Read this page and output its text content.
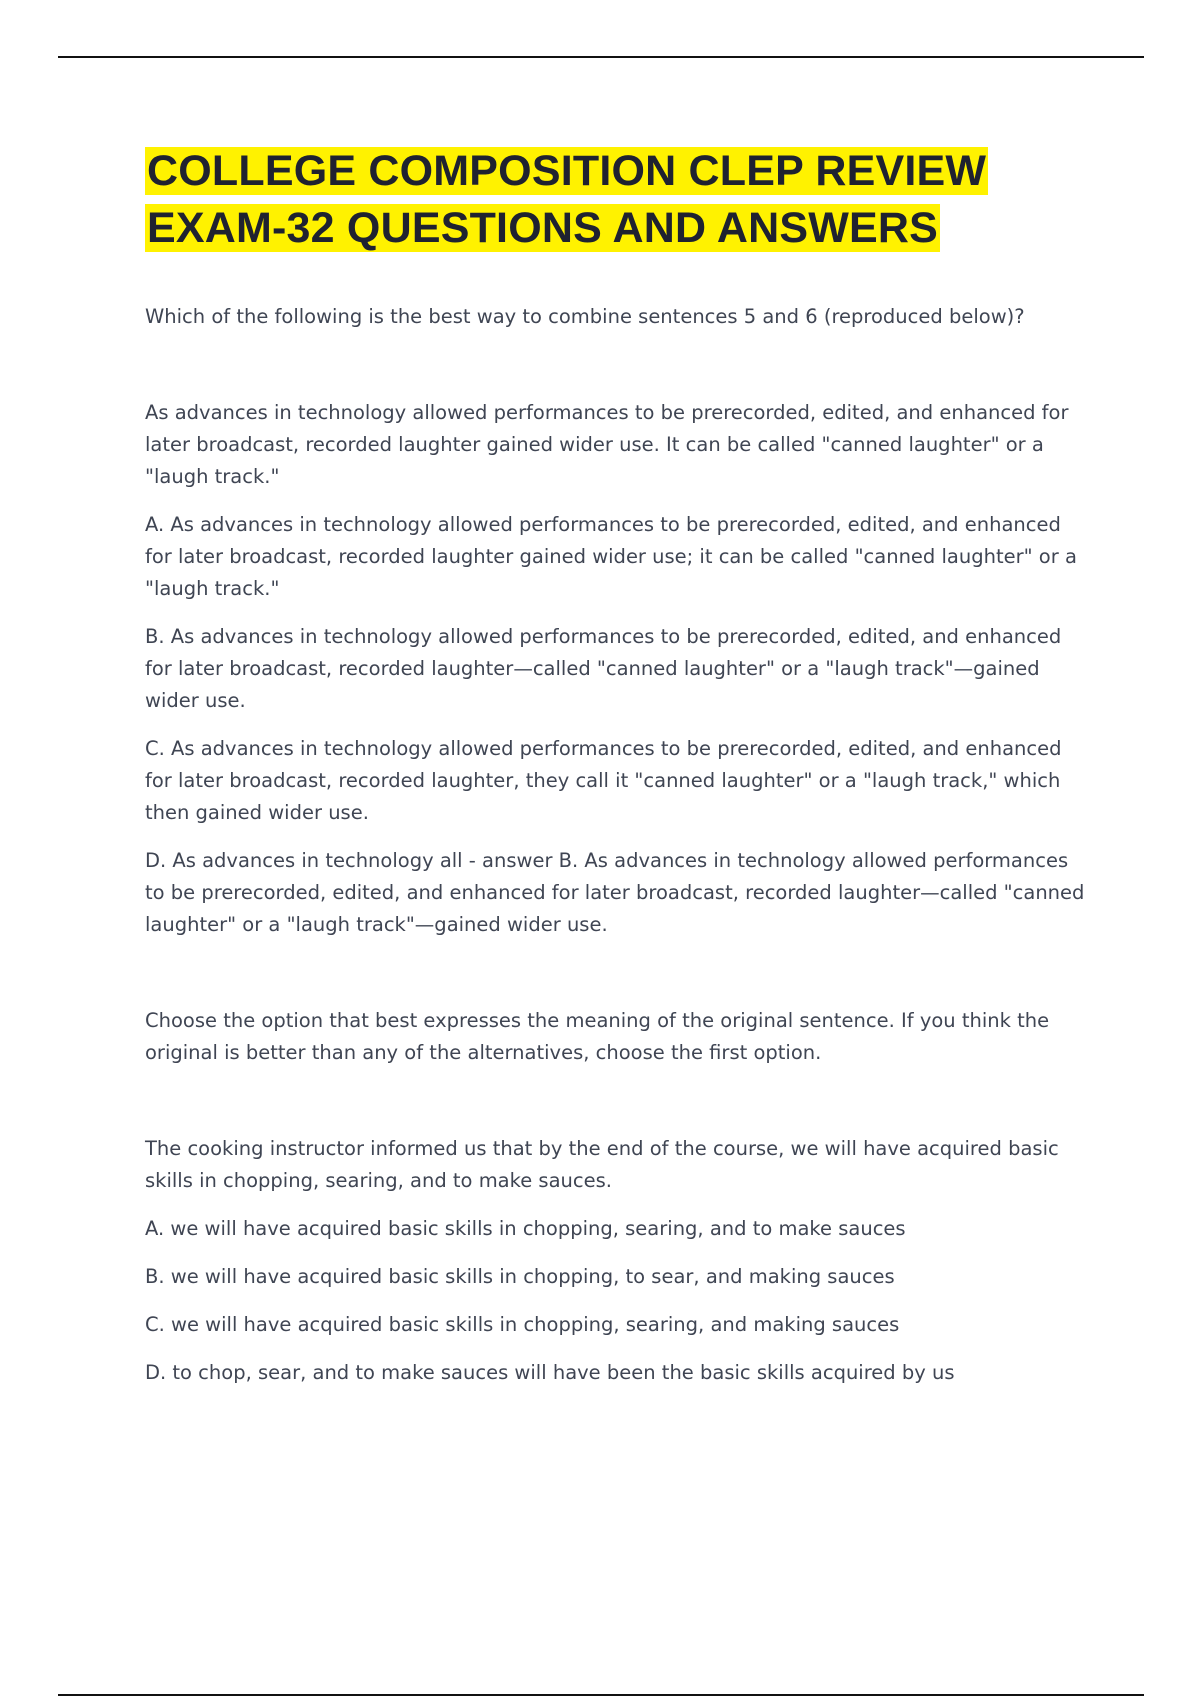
COLLEGE COMPOSITION CLEP REVIEW EXAM-32 QUESTIONS AND ANSWERS

Which of the following is the best way to combine sentences 5 and 6 (reproduced below)?

As advances in technology allowed performances to be prerecorded, edited, and enhanced for later broadcast, recorded laughter gained wider use. It can be called "canned laughter" or a "laugh track."

A. As advances in technology allowed performances to be prerecorded, edited, and enhanced for later broadcast, recorded laughter gained wider use; it can be called "canned laughter" or a "laugh track."

B. As advances in technology allowed performances to be prerecorded, edited, and enhanced for later broadcast, recorded laughter—called "canned laughter" or a "laugh track"—gained wider use.

C. As advances in technology allowed performances to be prerecorded, edited, and enhanced for later broadcast, recorded laughter, they call it "canned laughter" or a "laugh track," which then gained wider use.

D. As advances in technology all - answer B. As advances in technology allowed performances to be prerecorded, edited, and enhanced for later broadcast, recorded laughter—called "canned laughter" or a "laugh track"—gained wider use.

Choose the option that best expresses the meaning of the original sentence. If you think the original is better than any of the alternatives, choose the first option.

The cooking instructor informed us that by the end of the course, we will have acquired basic skills in chopping, searing, and to make sauces.

A. we will have acquired basic skills in chopping, searing, and to make sauces

B. we will have acquired basic skills in chopping, to sear, and making sauces

C. we will have acquired basic skills in chopping, searing, and making sauces

D. to chop, sear, and to make sauces will have been the basic skills acquired by us
